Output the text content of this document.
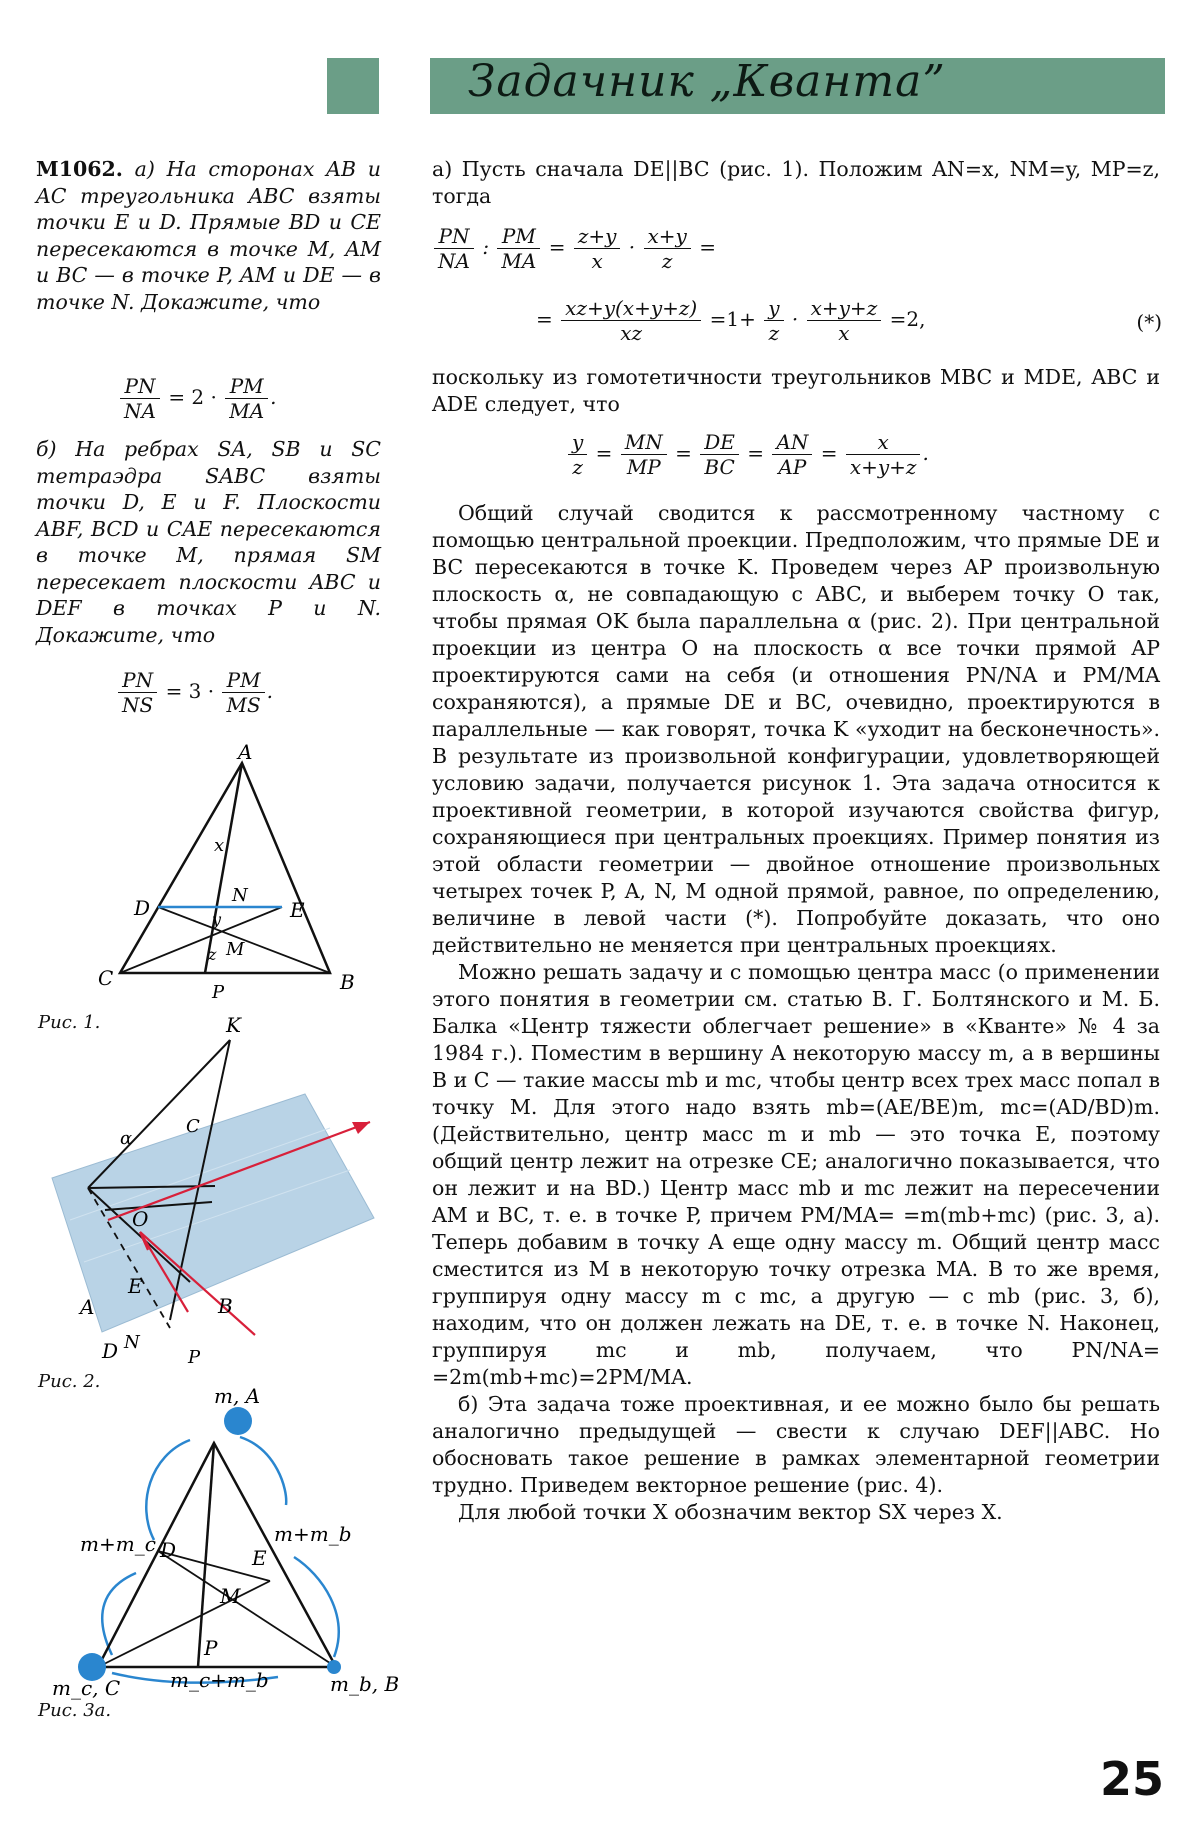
Задачник „Кванта”
М1062. а) На сторонах AB и AC треугольника ABC взяты точки E и D. Прямые BD и CE пересекаются в точке M, AM и BC — в точке P, AM и DE — в точке N. Докажите, что
$\frac{PN}{NA} = 2 \cdot \frac{PM}{MA}$ .
б) На ребрах SA, SB и SC тетраэдра SABC взяты точки D, E и F. Плоскости ABF, BCD и CAE пересекаются в точке M, прямая SM пересекает плоскости ABC и DEF в точках P и N. Докажите, что
$\frac{PN}{NS} = 3 \cdot \frac{PM}{MS}$ .
A
C	B
D	E
N
M
P
x
y
z
Рис. 1.	K
O
A
E
B
D N
P
C
α
Рис. 2.
m, A
m_c, C	m_b, B
m+m_c	m+m_b
m_c+m_b
D	E
M
P
Рис. 3а.

а) Пусть сначала DE||BC (рис. 1). Положим AN=x, NM=y, MP=z, тогда

$\frac{PN}{NA}$ : $\frac{PM}{MA} = \frac{z+y}{x} \cdot \frac{x+y}{z}$ =
= $\frac{xz+y(x+y+z)}{xz} =1+ \frac{y}{z} \cdot \frac{x+y+z}{x} =2$,	(*)

поскольку из гомотетичности треугольников MBC и MDE, ABC и ADE следует, что

$\frac{y}{z} = \frac{MN}{MP} = \frac{DE}{BC} = \frac{AN}{AP} = \frac{x}{x+y+z}$ .

Общий случай сводится к рассмотренному частному с помощью центральной проекции. Предположим, что прямые DE и BC пересекаются в точке K. Проведем через AP произвольную плоскость α, не совпадающую с ABC, и выберем точку O так, чтобы прямая OK была параллельна α (рис. 2). При центральной проекции из центра O на плоскость α все точки прямой AP проектируются сами на себя (и отношения PN/NA и PM/MA сохраняются), а прямые DE и BC, очевидно, проектируются в параллельные — как говорят, точка K «уходит на бесконечность». В результате из произвольной конфигурации, удовлетворяющей условию задачи, получается рисунок 1. Эта задача относится к проективной геометрии, в которой изучаются свойства фигур, сохраняющиеся при центральных проекциях. Пример понятия из этой области геометрии — двойное отношение произвольных четырех точек P, A, N, M одной прямой, равное, по определению, величине в левой части (*). Попробуйте доказать, что оно действительно не меняется при центральных проекциях.

Можно решать задачу и с помощью центра масс (о применении этого понятия в геометрии см. статью В. Г. Болтянского и М. Б. Балка «Центр тяжести облегчает решение» в «Кванте» № 4 за 1984 г.). Поместим в вершину A некоторую массу m, а в вершины B и C — такие массы mb и mc, чтобы центр всех трех масс попал в точку M. Для этого надо взять mb=(AE/BE)m, mc=(AD/BD)m. (Действительно, центр масс m и mb — это точка E, поэтому общий центр лежит на отрезке CE; аналогично показывается, что он лежит и на BD.) Центр масс mb и mc лежит на пересечении AM и BC, т. е. в точке P, причем PM/MA= =m(mb+mc) (рис. 3, а). Теперь добавим в точку A еще одну массу m. Общий центр масс сместится из M в некоторую точку отрезка MA. В то же время, группируя одну массу m с mc, а другую — с mb (рис. 3, б), находим, что он должен лежать на DE, т. е. в точке N. Наконец, группируя mc и mb, получаем, что PN/NA= =2m(mb+mc)=2PM/MA.

б) Эта задача тоже проективная, и ее можно было бы решать аналогично предыдущей — свести к случаю DEF||ABC. Но обосновать такое решение в рамках элементарной геометрии трудно. Приведем векторное решение (рис. 4).

Для любой точки X обозначим вектор SX через X.

25
